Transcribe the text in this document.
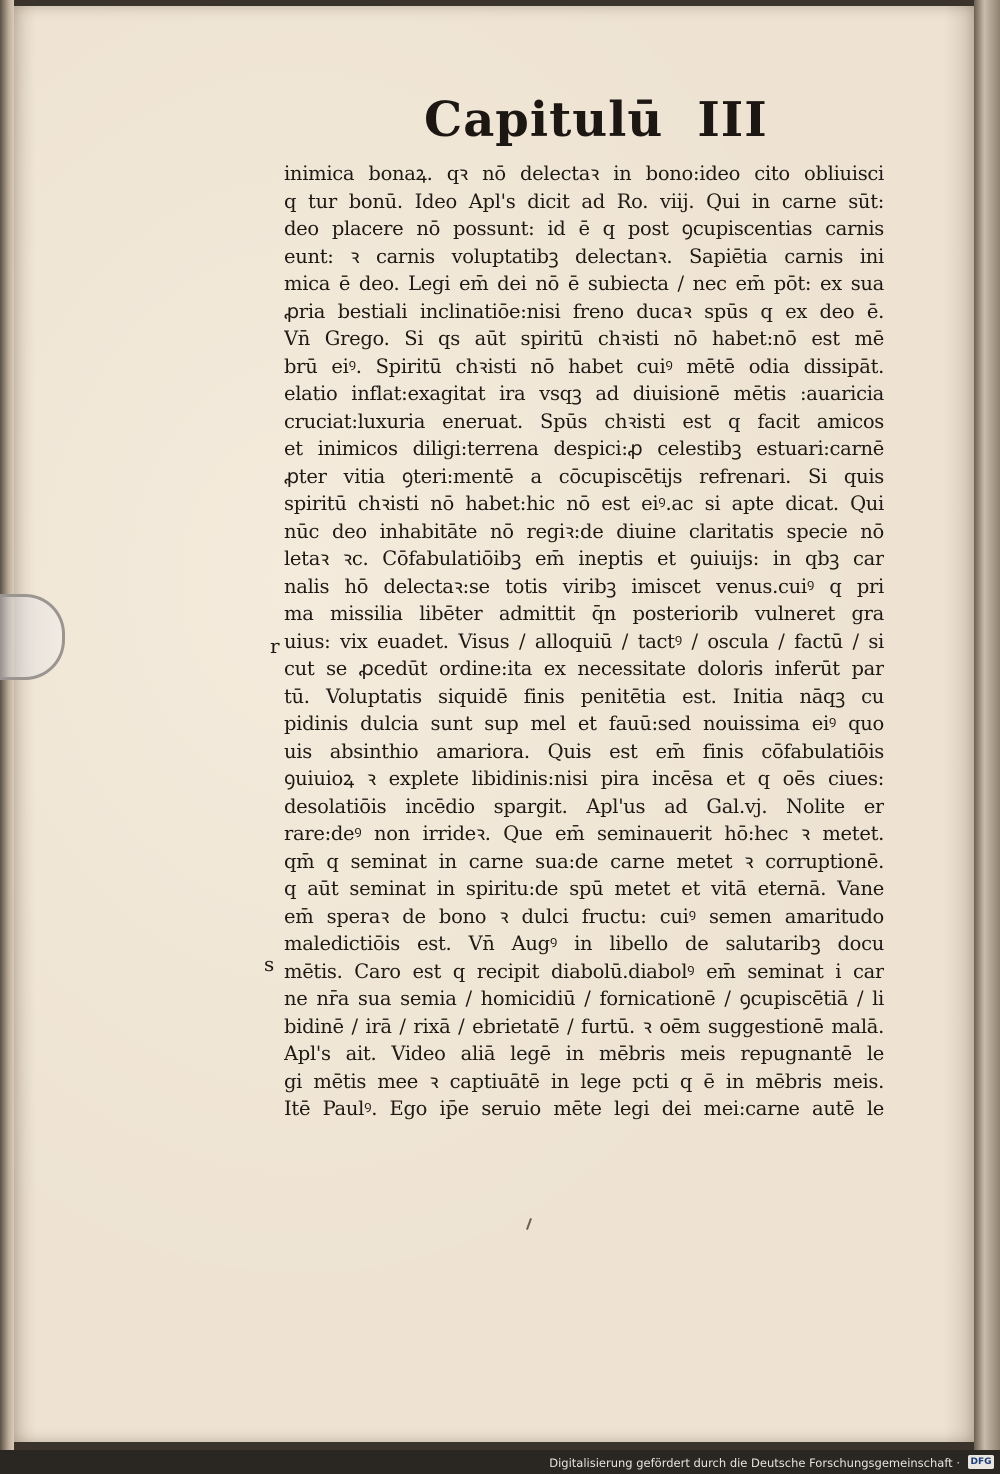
Capitulū III
inimica bonaꝝ. qꝛ nō delectaꝛ in bono:ideo cito obliuisci
q tur bonū. Ideo Apl's dicit ad Ro. viij. Qui in carne sūt:
deo placere nō possunt: id ē q post ꝯcupiscentias carnis
eunt: ꝛ carnis voluptatibꝫ delectanꝛ. Sapiētia carnis ini
mica ē deo. Legi em̄ dei nō ē subiecta / nec em̄ pōt: ex sua
ꝓria bestiali inclinatiōe:nisi freno ducaꝛ spūs q ex deo ē.
Vn̄ Grego. Si qs aūt spiritū chꝛisti nō habet:nō est mē
brū eiꝰ. Spiritū chꝛisti nō habet cuiꝰ mētē odia dissipāt.
elatio inflat:exagitat ira vsqꝫ ad diuisionē mētis :auaricia
cruciat:luxuria eneruat. Spūs chꝛisti est q facit amicos
et inimicos diligi:terrena despici:ꝓ celestibꝫ estuari:carnē
ꝓter vitia ꝯteri:mentē a cōcupiscētijs refrenari. Si quis
spiritū chꝛisti nō habet:hic nō est eiꝰ.ac si apte dicat. Qui
nūc deo inhabitāte nō regiꝛ:de diuine claritatis specie nō
letaꝛ ꝛc. Cōfabulatiōibꝫ em̄ ineptis et ꝯuiuijs: in qbꝫ car
nalis hō delectaꝛ:se totis viribꝫ imiscet venus.cuiꝰ q pri
ma missilia libēter admittit q̄n posteriorib vulneret gra
uius: vix euadet. Visus / alloquiū / tactꝰ / oscula / factū / si
cut se ꝓcedūt ordine:ita ex necessitate doloris inferūt par
tū. Voluptatis siquidē finis penitētia est. Initia nāqꝫ cu
pidinis dulcia sunt sup mel et fauū:sed nouissima eiꝰ quo
uis absinthio amariora. Quis est em̄ finis cōfabulatiōis
ꝯuiuioꝝ ꝛ explete libidinis:nisi pira incēsa et q oēs ciues:
desolatiōis incēdio spargit. Apl'us ad Gal.vj. Nolite er
rare:deꝰ non irrideꝛ. Que em̄ seminauerit hō:hec ꝛ metet.
qm̄ q seminat in carne sua:de carne metet ꝛ corruptionē.
q aūt seminat in spiritu:de spū metet et vitā eternā. Vane
em̄ speraꝛ de bono ꝛ dulci fructu: cuiꝰ semen amaritudo
maledictiōis est. Vn̄ Augꝰ in libello de salutaribꝫ docu
mētis. Caro est q recipit diabolū.diabolꝰ em̄ seminat i car
ne nr̄a sua semia / homicidiū / fornicationē / ꝯcupiscētiā / li
bidinē / irā / rixā / ebrietatē / furtū. ꝛ oēm suggestionē malā.
Apl's ait. Video aliā legē in mēbris meis repugnantē le
gi mētis mee ꝛ captiuātē in lege pcti q ē in mēbris meis.
Itē Paulꝰ. Ego ip̄e seruio mēte legi dei mei:carne autē le
r
s
Digitalisierung gefördert durch die Deutsche Forschungsgemeinschaft · DFG
